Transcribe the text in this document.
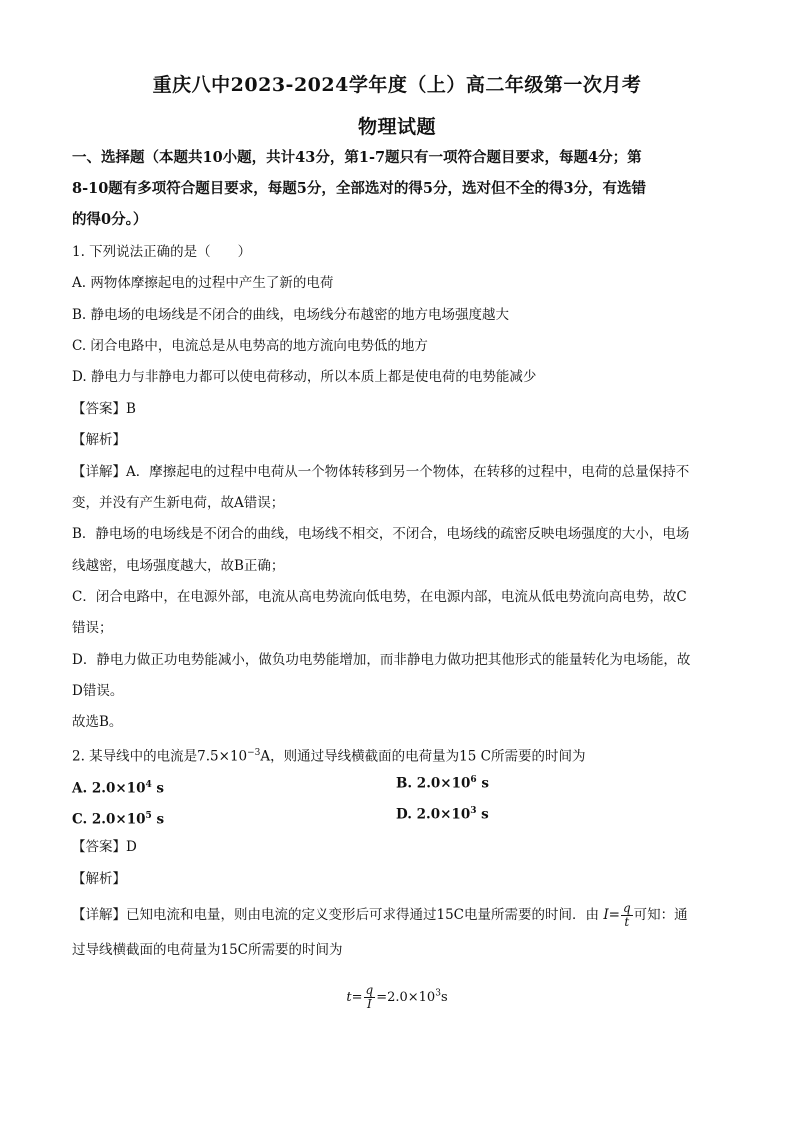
重庆八中2023-2024学年度（上）高二年级第一次月考
物理试题
一、选择题（本题共10小题，共计43分，第1-7题只有一项符合题目要求，每题4分；第
8-10题有多项符合题目要求，每题5分，全部选对的得5分，选对但不全的得3分，有选错
的得0分。）
1. 下列说法正确的是（　　）
A. 两物体摩擦起电的过程中产生了新的电荷
B. 静电场的电场线是不闭合的曲线，电场线分布越密的地方电场强度越大
C. 闭合电路中，电流总是从电势高的地方流向电势低的地方
D. 静电力与非静电力都可以使电荷移动，所以本质上都是使电荷的电势能减少
【答案】B
【解析】
【详解】A．摩擦起电的过程中电荷从一个物体转移到另一个物体，在转移的过程中，电荷的总量保持不
变，并没有产生新电荷，故A错误；
B．静电场的电场线是不闭合的曲线，电场线不相交，不闭合，电场线的疏密反映电场强度的大小，电场
线越密，电场强度越大，故B正确；
C．闭合电路中，在电源外部，电流从高电势流向低电势，在电源内部，电流从低电势流向高电势，故C
错误；
D．静电力做正功电势能减小，做负功电势能增加，而非静电力做功把其他形式的能量转化为电场能，故
D错误。
故选B。
2. 某导线中的电流是$7.5\times 10^{-3}A$，则通过导线横截面的电荷量为15 C所需要的时间为
A. $2.0\times 10^4$ s	B. $2.0\times 10^6$ s
C. $2.0\times 10^5$ s	D. $2.0\times 10^3$ s
【答案】D
【解析】
【详解】已知电流和电量，则由电流的定义变形后可求得通过15C电量所需要的时间．由 $I= \frac{q}{t}$ 可知：通
过导线横截面的电荷量为15C所需要的时间为
$t= \frac{q}{I} =2.0\times 10^3s$
